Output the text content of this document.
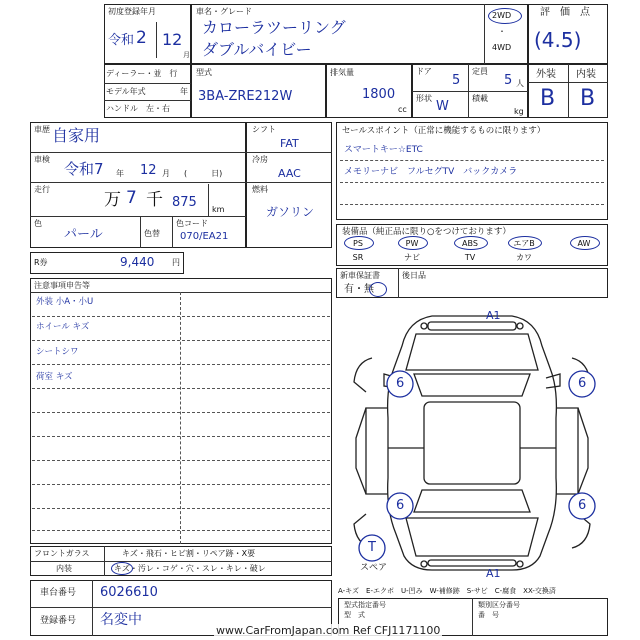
初度登録年月
令和 2 12
月
車名・グレード
カローラツーリング
ダブルバイビー
2WD
・
4WD
評　価　点
(4.5)
ディーラー・並　行
モデル年式	年
ハンドル　左・右
型式
3BA-ZRE212W
排気量
1800
cc
ドア
5
定員
5 人
形状
W
積載
kg
外装 内装
B B
車歴 自家用
車検
令和7 年 12 月 (　　　日)
走行
万 7 千 875 km
色
パール	色替
色コード
070/EA21
シフト
FAT
冷房
AAC
燃料
ガソリン
R券	9,440 円
セールスポイント（正常に機能するものに限ります）
スマートキー☆ETC
メモリーナビ　フルセグTV　バックカメラ
装備品（純正品に限り○をつけております）
PS	PW	ABS	エアB	AW
SR	ナビ	TV	カワ
新車保証書
有・無
後日品
注意事項申告等
外装 小A・小U
ホイール キズ
シートシワ
荷室 キズ
フロントガラス	キズ・飛石・ヒビ割・リペア跡・X要
内装	キズ・汚レ・コゲ・穴・スレ・キレ・破レ
車台番号 6026610
登録番号 名変中
A1
A1
6	6
6	6
T
スペア
A-キズ　E-エクボ　U-凹み　W-補修跡　S-サビ　C-腐食　XX-交換済
型式指定番号
型　式
類別区分番号
番　号
www.CarFromJapan.com Ref CFJ1171100
